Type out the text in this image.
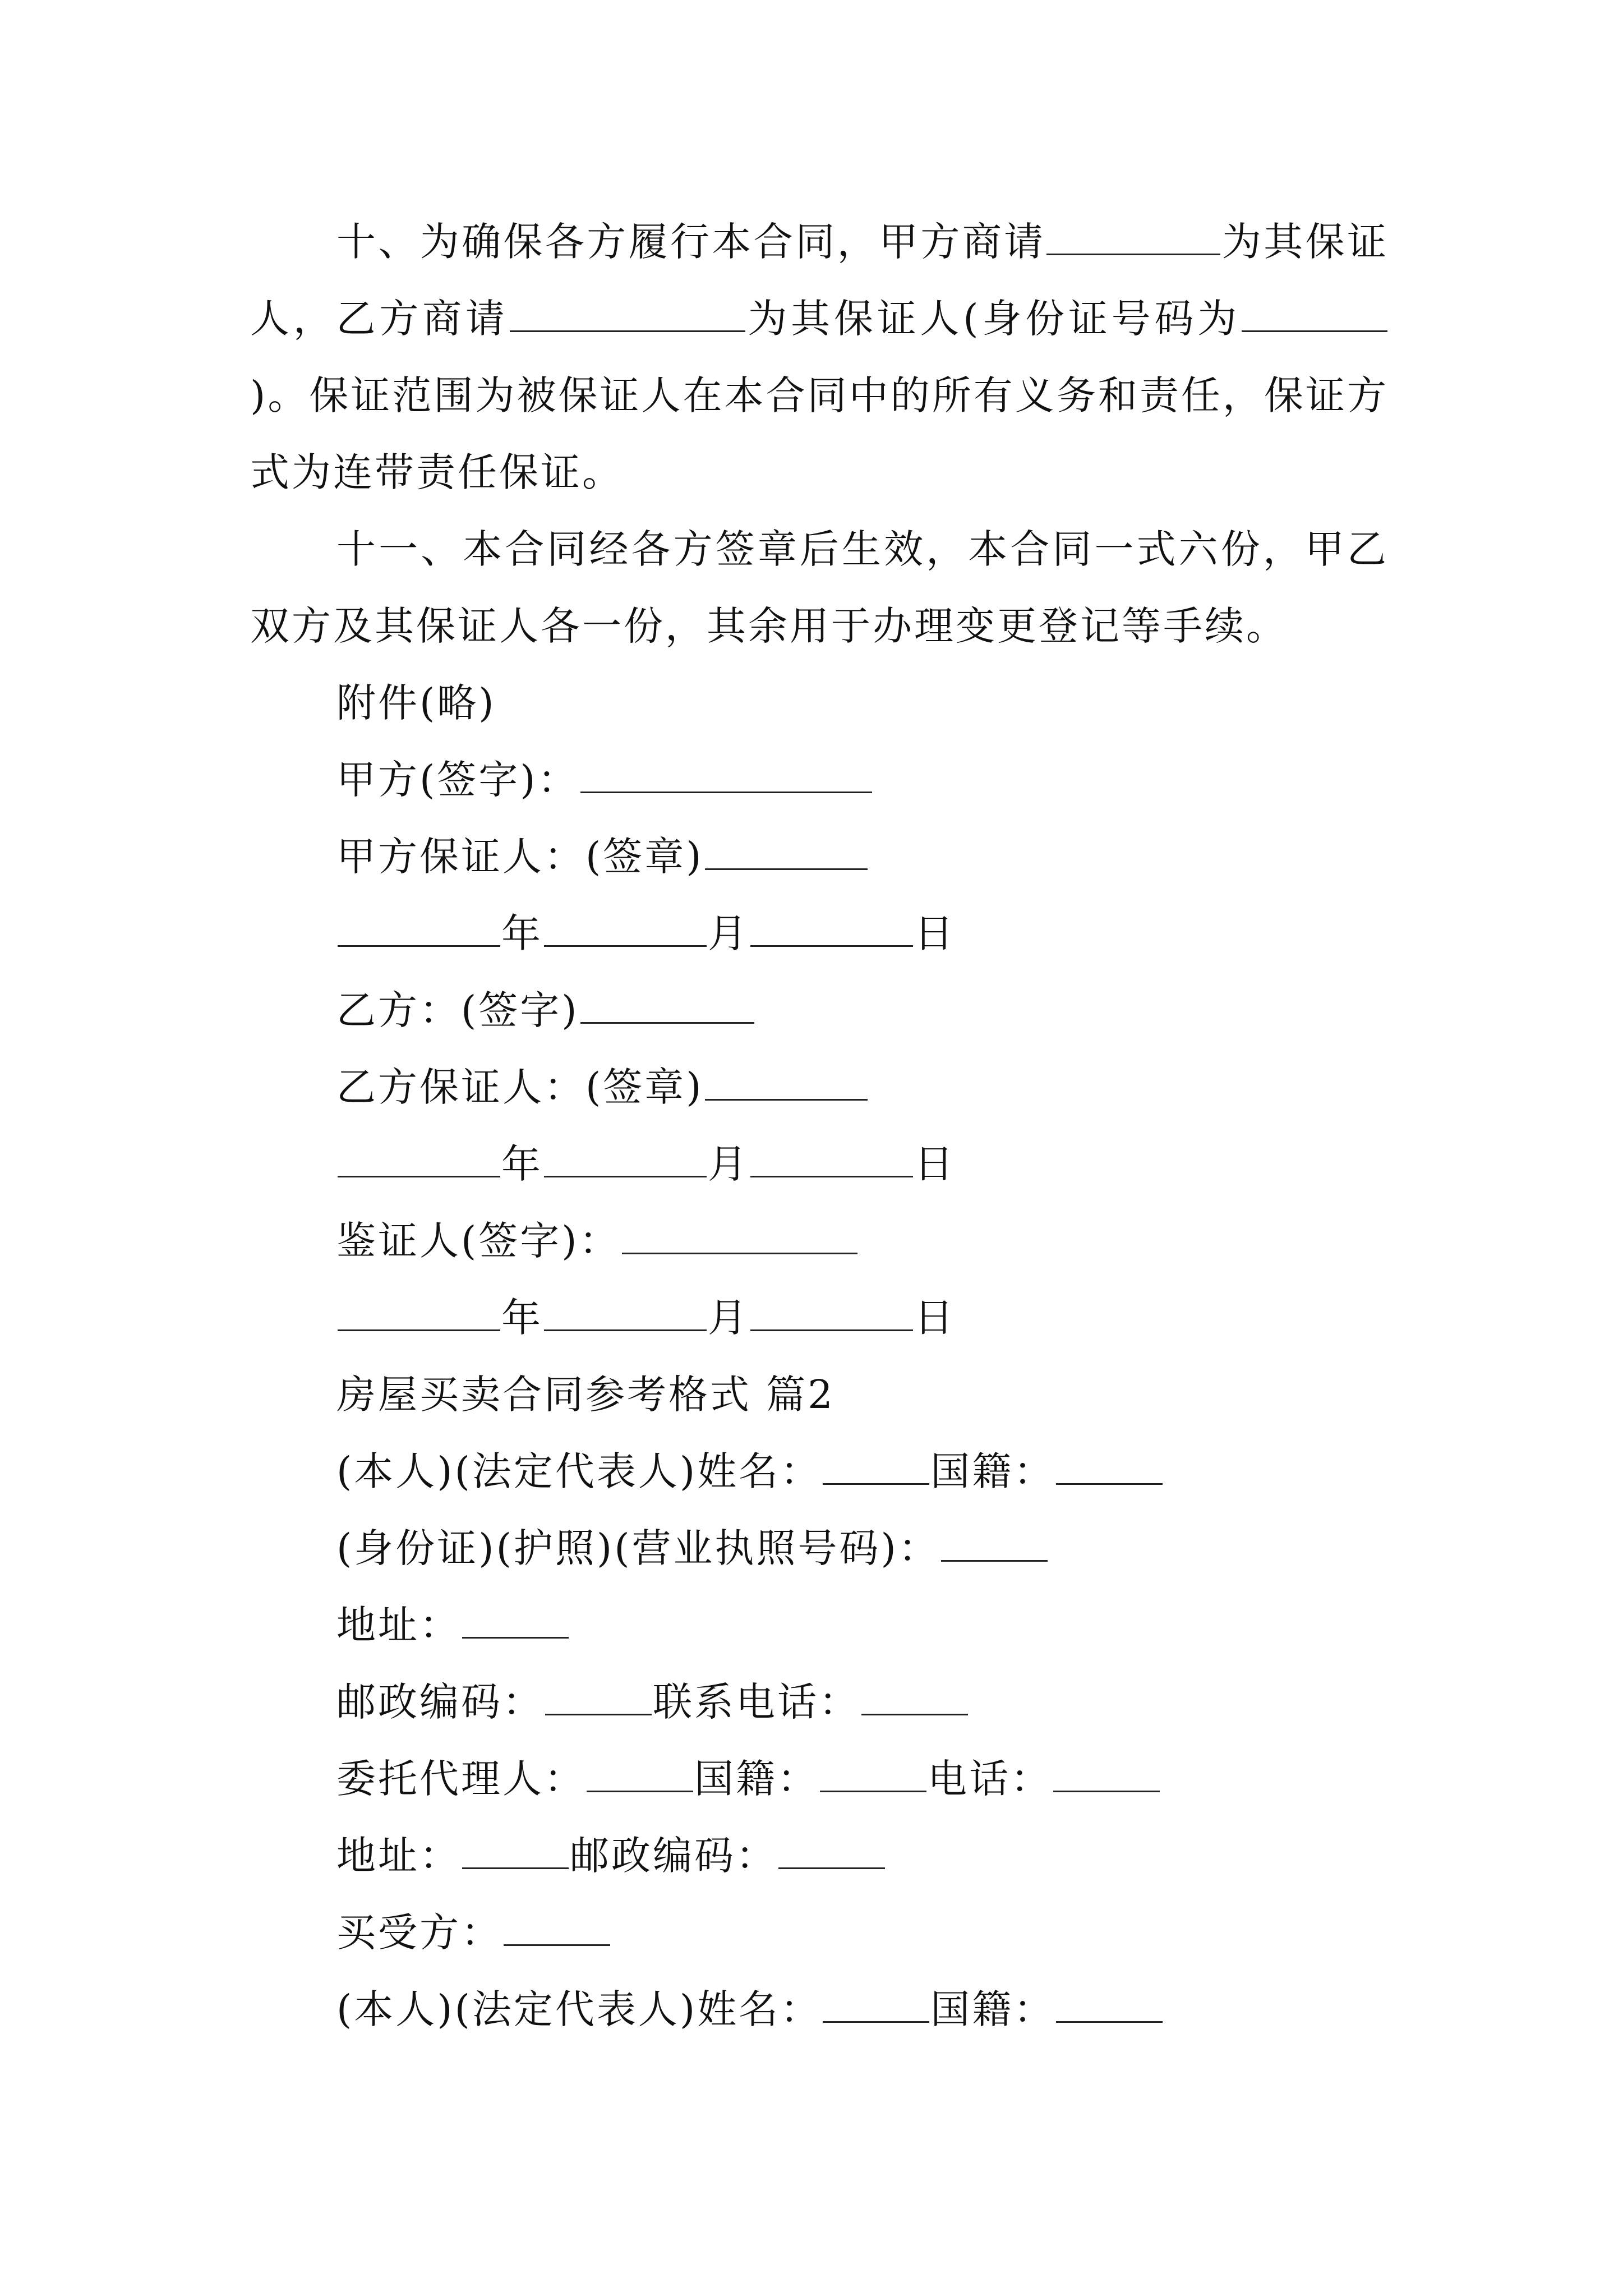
十、为确保各方履行本合同，甲方商请	为其保证人，乙方商请	为其保证人(身份证号码为)。保证范围为被保证人在本合同中的所有义务和责任，保证方式为连带责任保证。

十一、本合同经各方签章后生效，本合同一式六份，甲乙双方及其保证人各一份，其余用于办理变更登记等手续。

附件(略)

甲方(签字)：

甲方保证人：(签章)

年	月	日

乙方：(签字)

乙方保证人：(签章)

年	月	日

鉴证人(签字)：

年	月	日

房屋买卖合同参考格式 篇2

(本人)(法定代表人)姓名：	国籍：

(身份证)(护照)(营业执照号码)：

地址：

邮政编码：	联系电话：

委托代理人：	国籍：	电话：

地址：	邮政编码：

买受方：

(本人)(法定代表人)姓名：	国籍：
